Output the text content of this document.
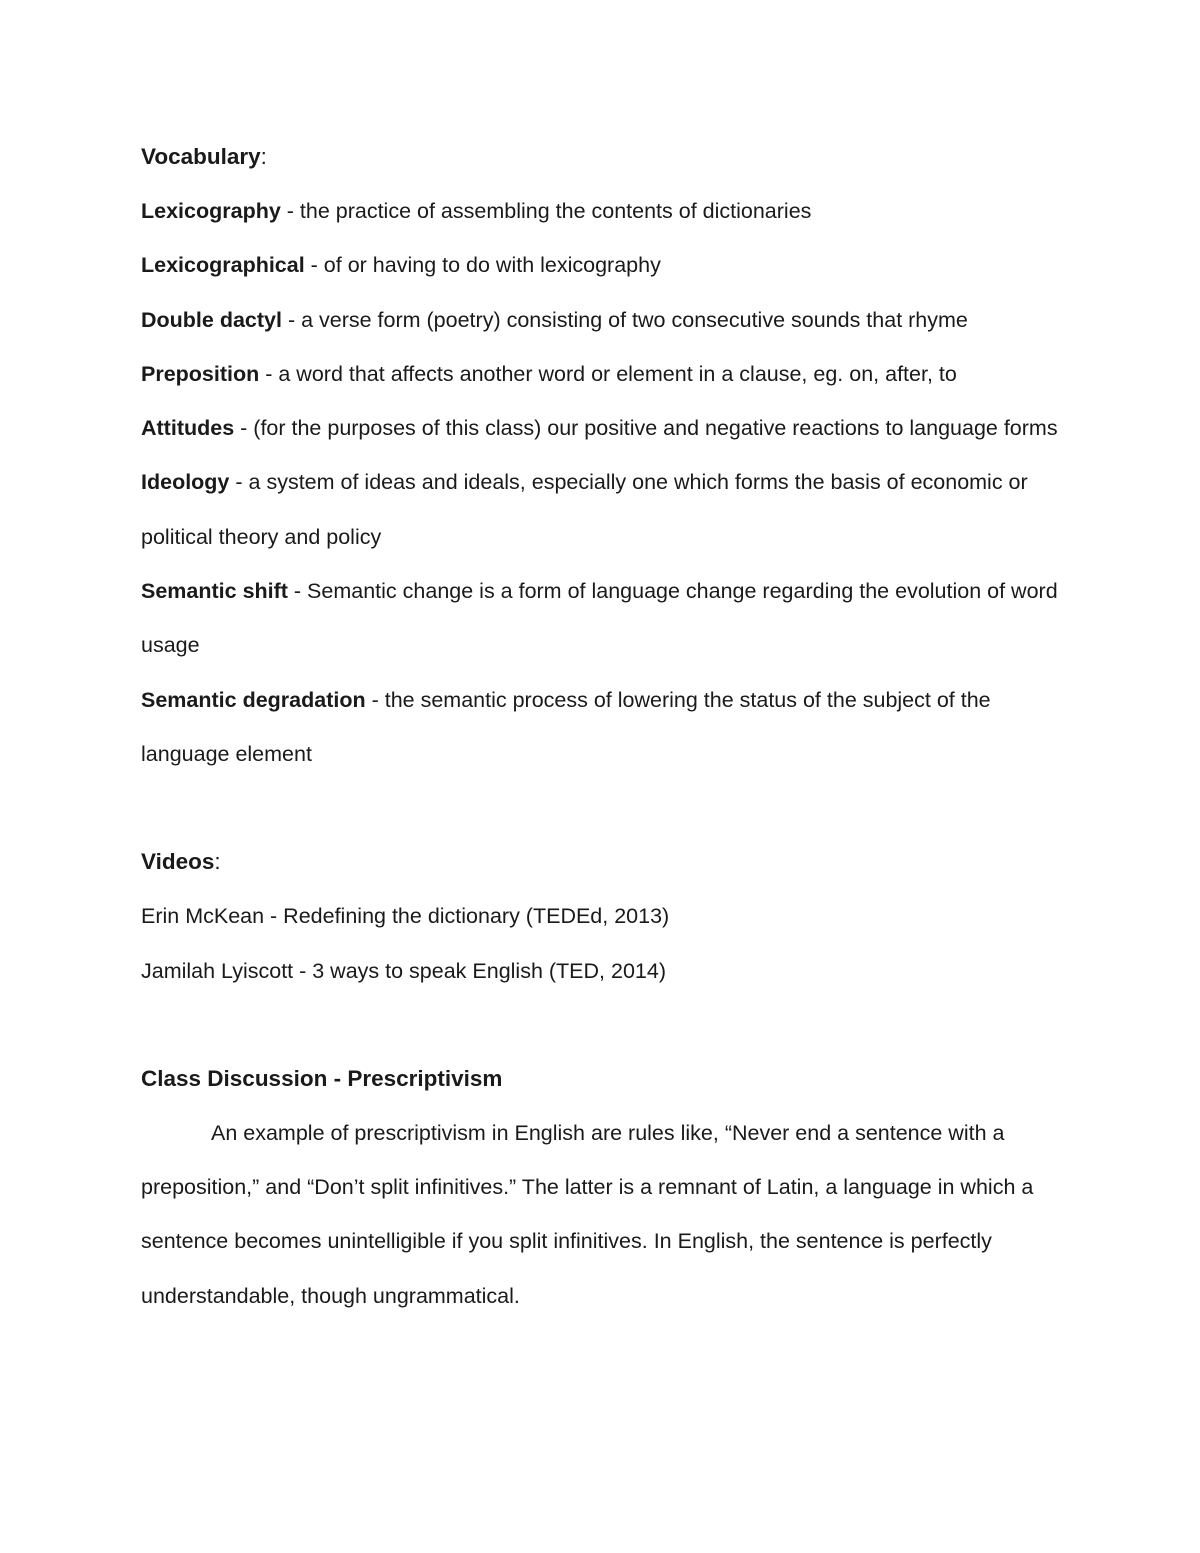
Vocabulary:

Lexicography - the practice of assembling the contents of dictionaries

Lexicographical - of or having to do with lexicography

Double dactyl - a verse form (poetry) consisting of two consecutive sounds that rhyme

Preposition - a word that affects another word or element in a clause, eg. on, after, to

Attitudes - (for the purposes of this class) our positive and negative reactions to language forms

Ideology - a system of ideas and ideals, especially one which forms the basis of economic or political theory and policy

Semantic shift - Semantic change is a form of language change regarding the evolution of word usage

Semantic degradation - the semantic process of lowering the status of the subject of the language element

Videos:

Erin McKean - Redefining the dictionary (TEDEd, 2013)

Jamilah Lyiscott - 3 ways to speak English (TED, 2014)

Class Discussion - Prescriptivism

An example of prescriptivism in English are rules like, “Never end a sentence with a preposition,” and “Don’t split infinitives.” The latter is a remnant of Latin, a language in which a sentence becomes unintelligible if you split infinitives. In English, the sentence is perfectly understandable, though ungrammatical.
